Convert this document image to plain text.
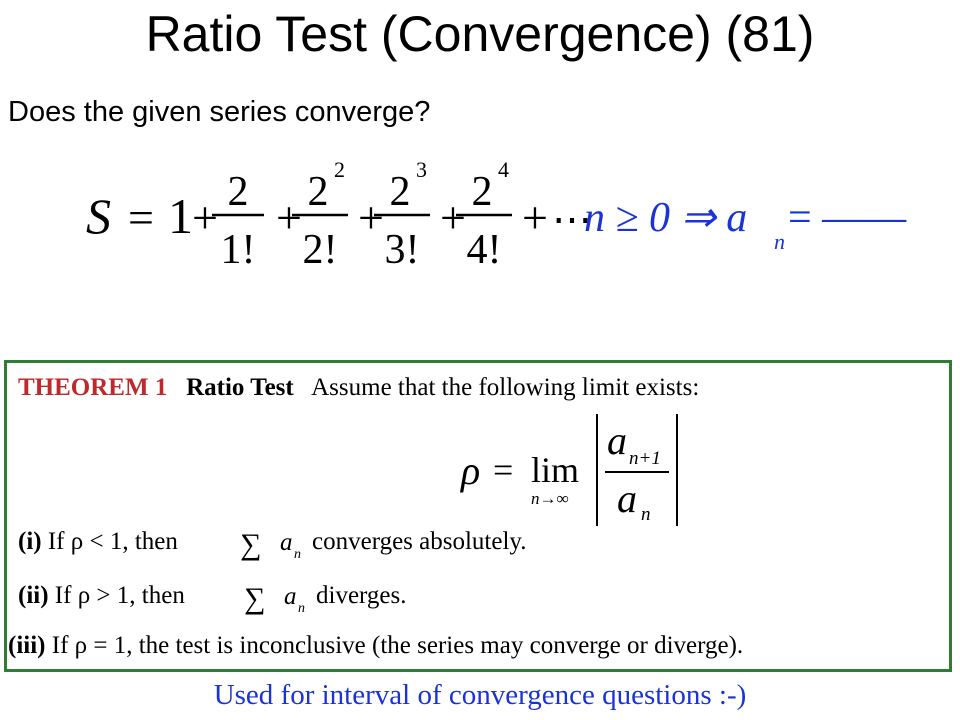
Ratio Test (Convergence) (81)
Does the given series converge?
S = 1 + 2
1!
+ 2 2
2!
+ 2 3
3!
+ 2 4
4!
+ ⋯
n ≥ 0 ⇒ a
n
= ——
THEOREM 1 Ratio Test Assume that the following limit exists:
ρ = lim
n→∞
a n+1
a n
(i) If ρ < 1, then ∑ a n converges absolutely.
(ii) If ρ > 1, then ∑ a n diverges.
(iii) If ρ = 1, the test is inconclusive (the series may converge or diverge).
Used for interval of convergence questions :-)
